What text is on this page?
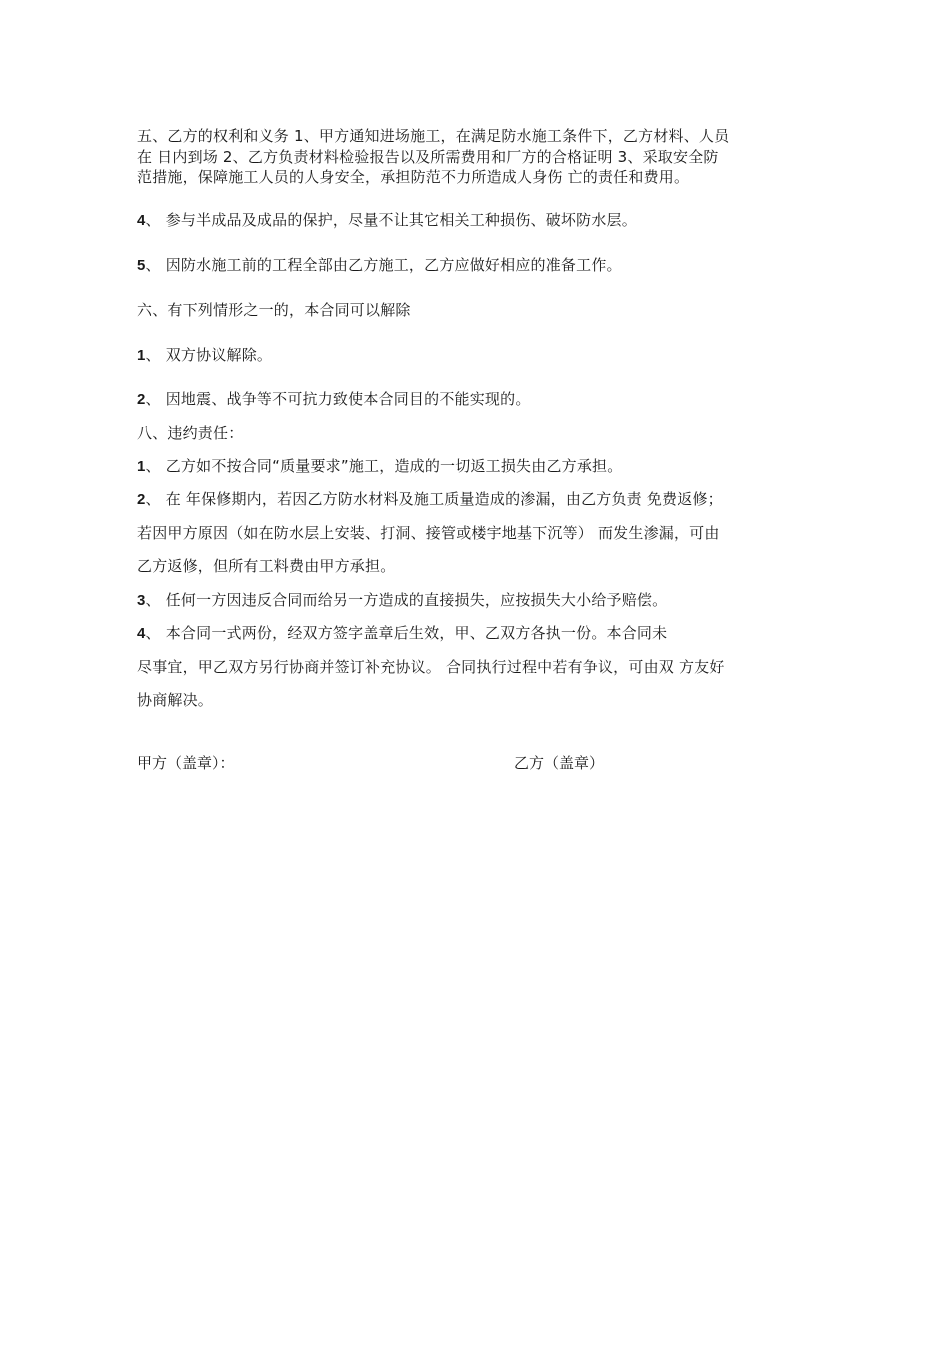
五、乙方的权利和义务 1、甲方通知进场施工，在满足防水施工条件下，乙方材料、人员
在 日内到场 2、乙方负责材料检验报告以及所需费用和厂方的合格证明 3、采取安全防
范措施，保障施工人员的人身安全，承担防范不力所造成人身伤 亡的责任和费用。
4、 参与半成品及成品的保护，尽量不让其它相关工种损伤、破坏防水层。
5、 因防水施工前的工程全部由乙方施工，乙方应做好相应的准备工作。
六、有下列情形之一的，本合同可以解除
1、 双方协议解除。
2、 因地震、战争等不可抗力致使本合同目的不能实现的。
八、违约责任：
1、 乙方如不按合同“质量要求”施工，造成的一切返工损失由乙方承担。
2、 在 年保修期内，若因乙方防水材料及施工质量造成的渗漏，由乙方负责 免费返修；
若因甲方原因（如在防水层上安装、打洞、接管或楼宇地基下沉等） 而发生渗漏，可由
乙方返修，但所有工料费由甲方承担。
3、 任何一方因违反合同而给另一方造成的直接损失，应按损失大小给予赔偿。
4、 本合同一式两份，经双方签字盖章后生效，甲、乙双方各执一份。本合同未
尽事宜，甲乙双方另行协商并签订补充协议。 合同执行过程中若有争议，可由双 方友好
协商解决。
甲方（盖章）：	乙方（盖章）
